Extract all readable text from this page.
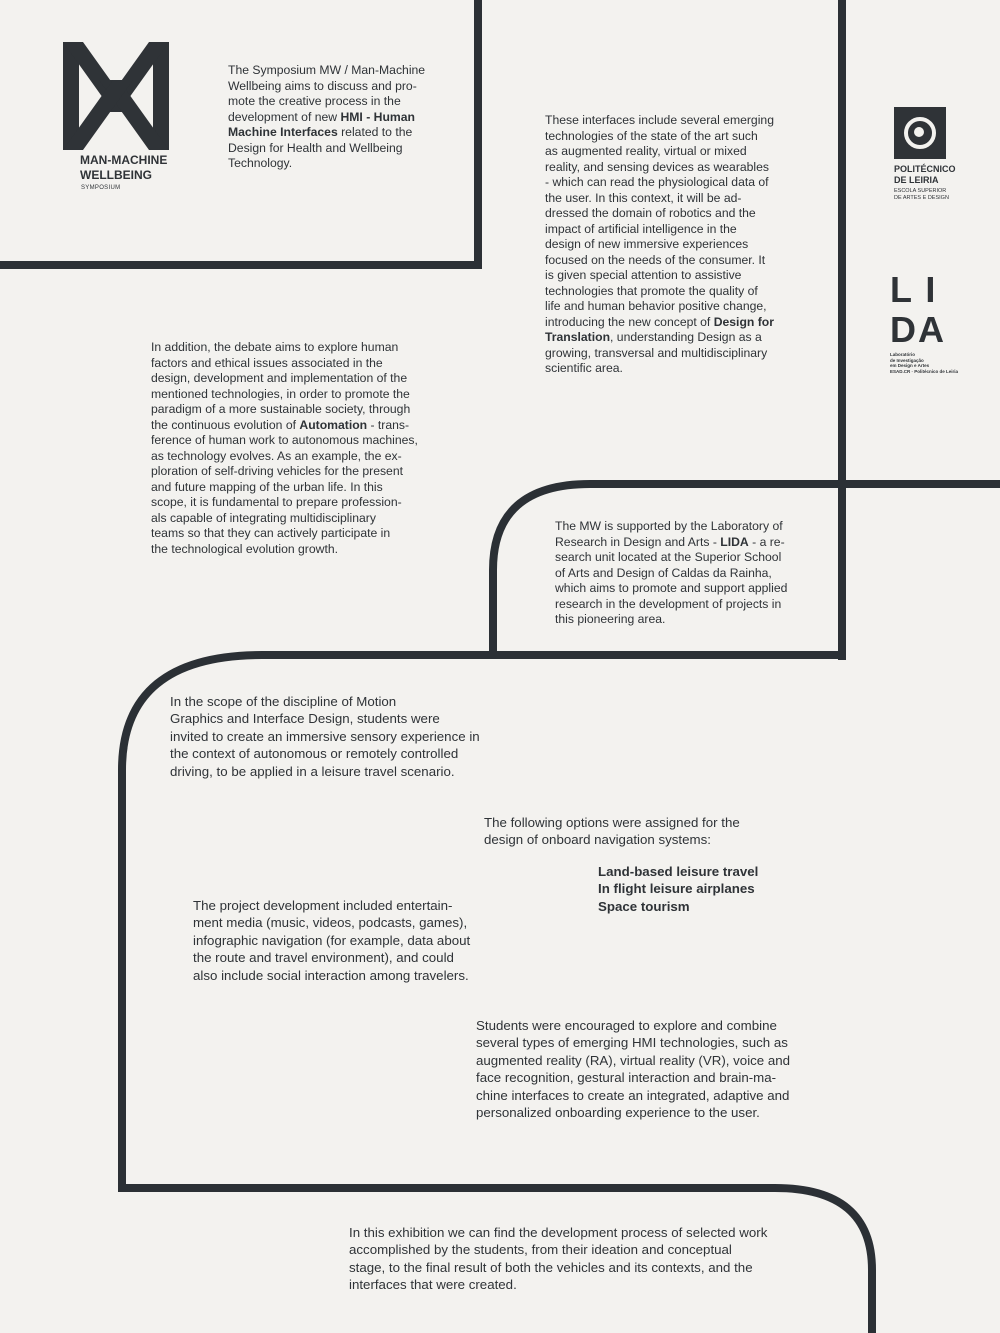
MAN-MACHINE
WELLBEING
SYMPOSIUM
POLITÉCNICO
DE LEIRIA
ESCOLA SUPERIOR
DE ARTES E DESIGN
L I
DA
Laboratório
de Investigação
em Design e Artes
ESAD.CR · Politécnico de Leiria
The Symposium MW / Man-Machine
Wellbeing aims to discuss and pro-
mote the creative process in the
development of new HMI - Human
Machine Interfaces related to the
Design for Health and Wellbeing
Technology.
These interfaces include several emerging
technologies of the state of the art such
as augmented reality, virtual or mixed
reality, and sensing devices as wearables
- which can read the physiological data of
the user. In this context, it will be ad-
dressed the domain of robotics and the
impact of artificial intelligence in the
design of new immersive experiences
focused on the needs of the consumer. It
is given special attention to assistive
technologies that promote the quality of
life and human behavior positive change,
introducing the new concept of Design for
Translation, understanding Design as a
growing, transversal and multidisciplinary
scientific area.
In addition, the debate aims to explore human
factors and ethical issues associated in the
design, development and implementation of the
mentioned technologies, in order to promote the
paradigm of a more sustainable society, through
the continuous evolution of Automation - trans-
ference of human work to autonomous machines,
as technology evolves. As an example, the ex-
ploration of self-driving vehicles for the present
and future mapping of the urban life. In this
scope, it is fundamental to prepare profession-
als capable of integrating multidisciplinary
teams so that they can actively participate in
the technological evolution growth.
The MW is supported by the Laboratory of
Research in Design and Arts - LIDA - a re-
search unit located at the Superior School
of Arts and Design of Caldas da Rainha,
which aims to promote and support applied
research in the development of projects in
this pioneering area.
In the scope of the discipline of Motion
Graphics and Interface Design, students were
invited to create an immersive sensory experience in
the context of autonomous or remotely controlled
driving, to be applied in a leisure travel scenario.
The following options were assigned for the
design of onboard navigation systems:
Land-based leisure travel
In flight leisure airplanes
Space tourism
The project development included entertain-
ment media (music, videos, podcasts, games),
infographic navigation (for example, data about
the route and travel environment), and could
also include social interaction among travelers.
Students were encouraged to explore and combine
several types of emerging HMI technologies, such as
augmented reality (RA), virtual reality (VR), voice and
face recognition, gestural interaction and brain-ma-
chine interfaces to create an integrated, adaptive and
personalized onboarding experience to the user.
In this exhibition we can find the development process of selected work
accomplished by the students, from their ideation and conceptual
stage, to the final result of both the vehicles and its contexts, and the
interfaces that were created.
